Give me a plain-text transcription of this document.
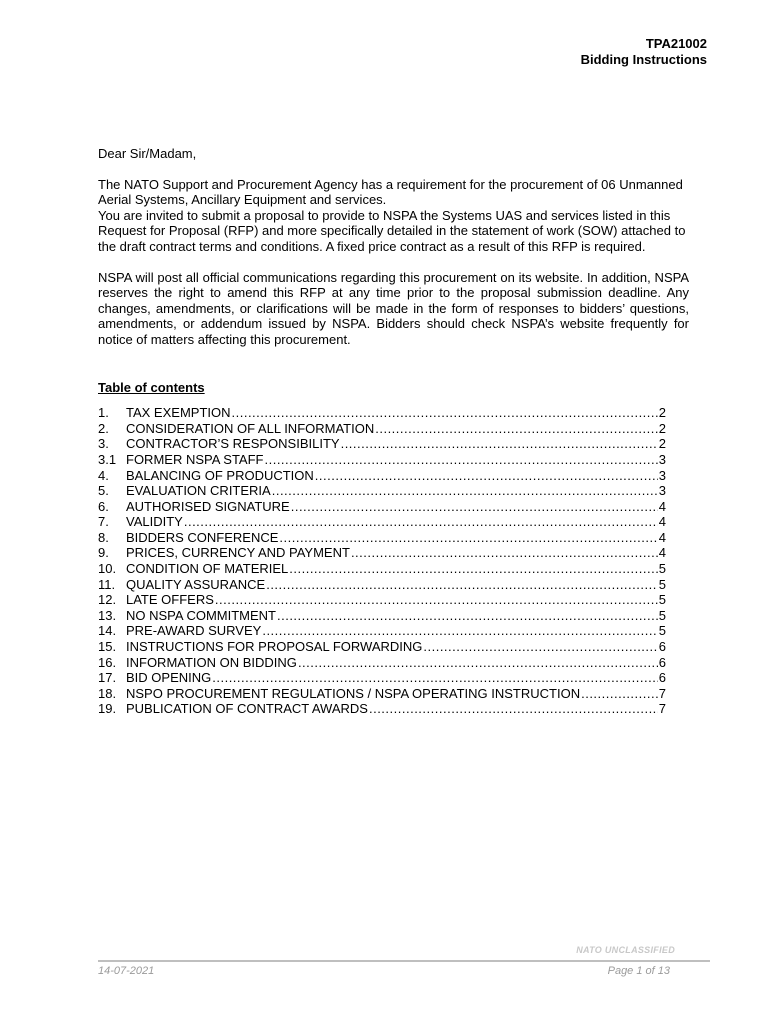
TPA21002
Bidding Instructions

Dear Sir/Madam,

The NATO Support and Procurement Agency has a requirement for the procurement of 06 Unmanned Aerial Systems, Ancillary Equipment and services.

You are invited to submit a proposal to provide to NSPA the Systems UAS and services listed in this Request for Proposal (RFP) and more specifically detailed in the statement of work (SOW) attached to the draft contract terms and conditions. A fixed price contract as a result of this RFP is required.

NSPA will post all official communications regarding this procurement on its website. In addition, NSPA reserves the right to amend this RFP at any time prior to the proposal submission deadline. Any changes, amendments, or clarifications will be made in the form of responses to bidders’ questions, amendments, or addendum issued by NSPA. Bidders should check NSPA’s website frequently for notice of matters affecting this procurement.

Table of contents

1.	TAX EXEMPTION .....	2
2.	CONSIDERATION OF ALL INFORMATION .....	2
3.	CONTRACTOR’S RESPONSIBILITY .....	2
3.1 FORMER NSPA STAFF .....	3
4.	BALANCING OF PRODUCTION .....	3
5.	EVALUATION CRITERIA .....	3
6.	AUTHORISED SIGNATURE .....	4
7.	VALIDITY .....	4
8.	BIDDERS CONFERENCE .....	4
9.	PRICES, CURRENCY AND PAYMENT .....	4
10. CONDITION OF MATERIEL .....	5
11. QUALITY ASSURANCE .....	5
12. LATE OFFERS .....	5
13. NO NSPA COMMITMENT .....	5
14. PRE-AWARD SURVEY .....	5
15. INSTRUCTIONS FOR PROPOSAL FORWARDING .....	6
16. INFORMATION ON BIDDING .....	6
17. BID OPENING .....	6
18. NSPO PROCUREMENT REGULATIONS / NSPA OPERATING INSTRUCTION .....	7
19. PUBLICATION OF CONTRACT AWARDS .....	7
NATO UNCLASSIFIED
14-07-2021	Page 1 of 13
